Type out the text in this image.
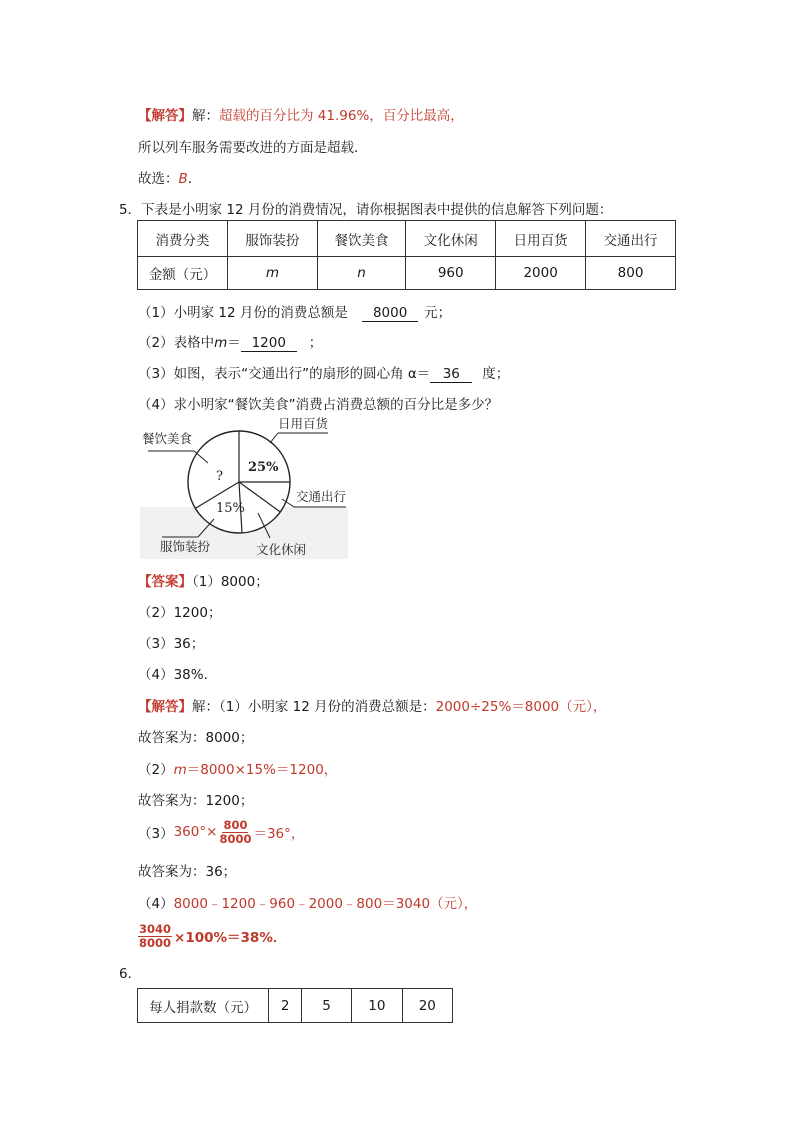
【解答】解：超载的百分比为 41.96%，百分比最高，
所以列车服务需要改进的方面是超载．
故选：B．
5．下表是小明家 12 月份的消费情况，请你根据图表中提供的信息解答下列问题：
消费分类	服饰装扮	餐饮美食	文化休闲	日用百货	交通出行
金额（元）	m	n	960	2000	800
（1）小明家 12 月份的消费总额是 8000 元；
（2）表格中m＝ 1200 ；
（3）如图，表示“交通出行”的扇形的圆心角 α＝ 36 度；
（4）求小明家“餐饮美食”消费占消费总额的百分比是多少？
餐饮美食
日用百货
交通出行
文化休闲
服饰装扮
25%
15%
?
【答案】（1）8000；
（2）1200；
（3）36；
（4）38%．
【解答】解：（1）小明家 12 月份的消费总额是：2000÷25%＝8000（元），
故答案为：8000；
（2）m＝8000×15%＝1200，
故答案为：1200；
（3） $360^\circ\times \frac{800}{8000} =36^\circ$，
故答案为：36；
（4）8000﹣1200﹣960﹣2000﹣800＝3040（元），
$\frac{3040}{8000} \times 100\%=38\%$．
6．
每人捐款数（元）	2	5	10	20
